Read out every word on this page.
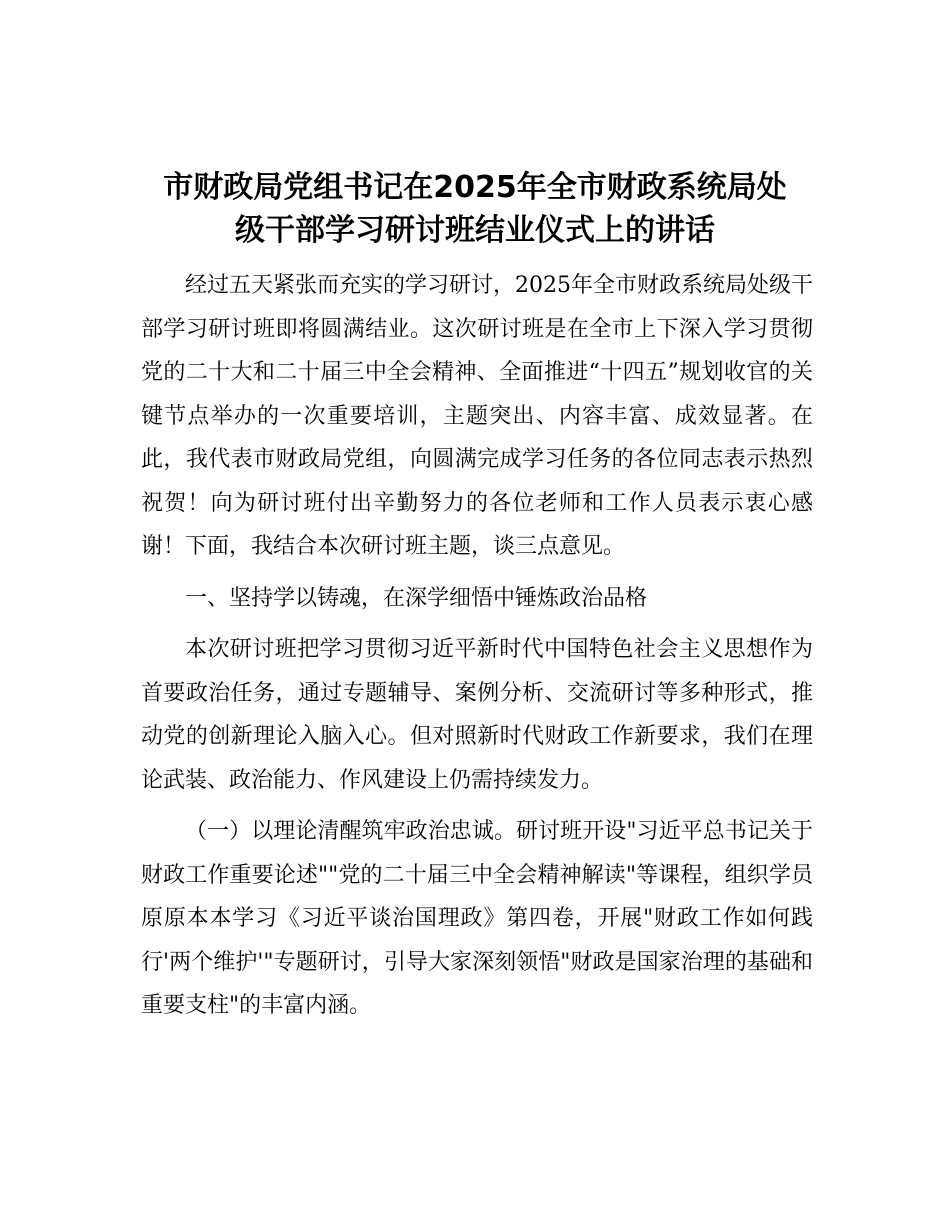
市财政局党组书记在2025年全市财政系统局处
级干部学习研讨班结业仪式上的讲话

经过五天紧张而充实的学习研讨，2025年全市财政系统局处级干部学习研讨班即将圆满结业。这次研讨班是在全市上下深入学习贯彻党的二十大和二十届三中全会精神、全面推进“十四五”规划收官的关键节点举办的一次重要培训，主题突出、内容丰富、成效显著。在此，我代表市财政局党组，向圆满完成学习任务的各位同志表示热烈祝贺！向为研讨班付出辛勤努力的各位老师和工作人员表示衷心感谢！下面，我结合本次研讨班主题，谈三点意见。

一、坚持学以铸魂，在深学细悟中锤炼政治品格

本次研讨班把学习贯彻习近平新时代中国特色社会主义思想作为首要政治任务，通过专题辅导、案例分析、交流研讨等多种形式，推动党的创新理论入脑入心。但对照新时代财政工作新要求，我们在理论武装、政治能力、作风建设上仍需持续发力。

（一）以理论清醒筑牢政治忠诚。研讨班开设"习近平总书记关于财政工作重要论述""党的二十届三中全会精神解读"等课程，组织学员原原本本学习《习近平谈治国理政》第四卷，开展"财政工作如何践行'两个维护'"专题研讨，引导大家深刻领悟"财政是国家治理的基础和重要支柱"的丰富内涵。
